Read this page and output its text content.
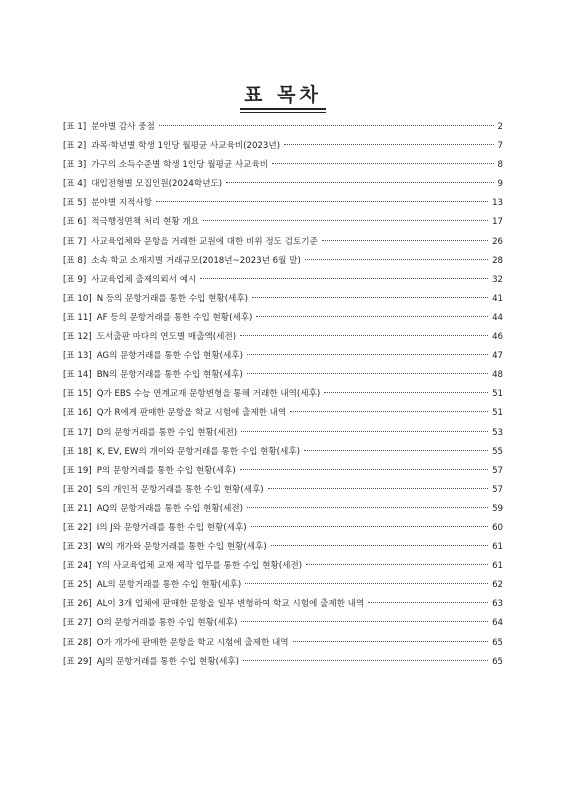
표 목차
[표 1] 분야별 감사 중점	2
[표 2] 과목·학년별 학생 1인당 월평균 사교육비(2023년)	7
[표 3] 가구의 소득수준별 학생 1인당 월평균 사교육비	8
[표 4] 대입전형별 모집인원(2024학년도)	9
[표 5] 분야별 지적사항	13
[표 6] 적극행정면책 처리 현황 개요	17
[표 7] 사교육업체와 문항을 거래한 교원에 대한 비위 정도 검토기준	26
[표 8] 소속 학교 소재지별 거래규모(2018년~2023년 6월 말)	28
[표 9] 사교육업체 출제의뢰서 예시	32
[표 10] N 등의 문항거래를 통한 수입 현황(세후)	41
[표 11] AF 등의 문항거래를 통한 수입 현황(세후)	44
[표 12] 도서출판 마다의 연도별 매출액(세전)	46
[표 13] AG의 문항거래를 통한 수입 현황(세후)	47
[표 14] BN의 문항거래를 통한 수입 현황(세후)	48
[표 15] Q가 EBS 수능 연계교재 문항변형을 통해 거래한 내역(세후)	51
[표 16] Q가 R에게 판매한 문항을 학교 시험에 출제한 내역	51
[표 17] D의 문항거래를 통한 수입 현황(세전)	53
[표 18] K, EV, EW의 개이와 문항거래를 통한 수입 현황(세후)	55
[표 19] P의 문항거래를 통한 수입 현황(세후)	57
[표 20] S의 개인적 문항거래를 통한 수입 현황(세후)	57
[표 21] AQ의 문항거래를 통한 수입 현황(세전)	59
[표 22] I의 J와 문항거래를 통한 수입 현황(세후)	60
[표 23] W의 개가와 문항거래를 통한 수입 현황(세후)	61
[표 24] Y의 사교육업체 교재 제작 업무를 통한 수입 현황(세전)	61
[표 25] AL의 문항거래를 통한 수입 현황(세후)	62
[표 26] AL이 3개 업체에 판매한 문항을 일부 변형하여 학교 시험에 출제한 내역	63
[표 27] O의 문항거래를 통한 수입 현황(세후)	64
[표 28] O가 개가에 판매한 문항을 학교 시험에 출제한 내역	65
[표 29] AJ의 문항거래를 통한 수입 현황(세후)	65
